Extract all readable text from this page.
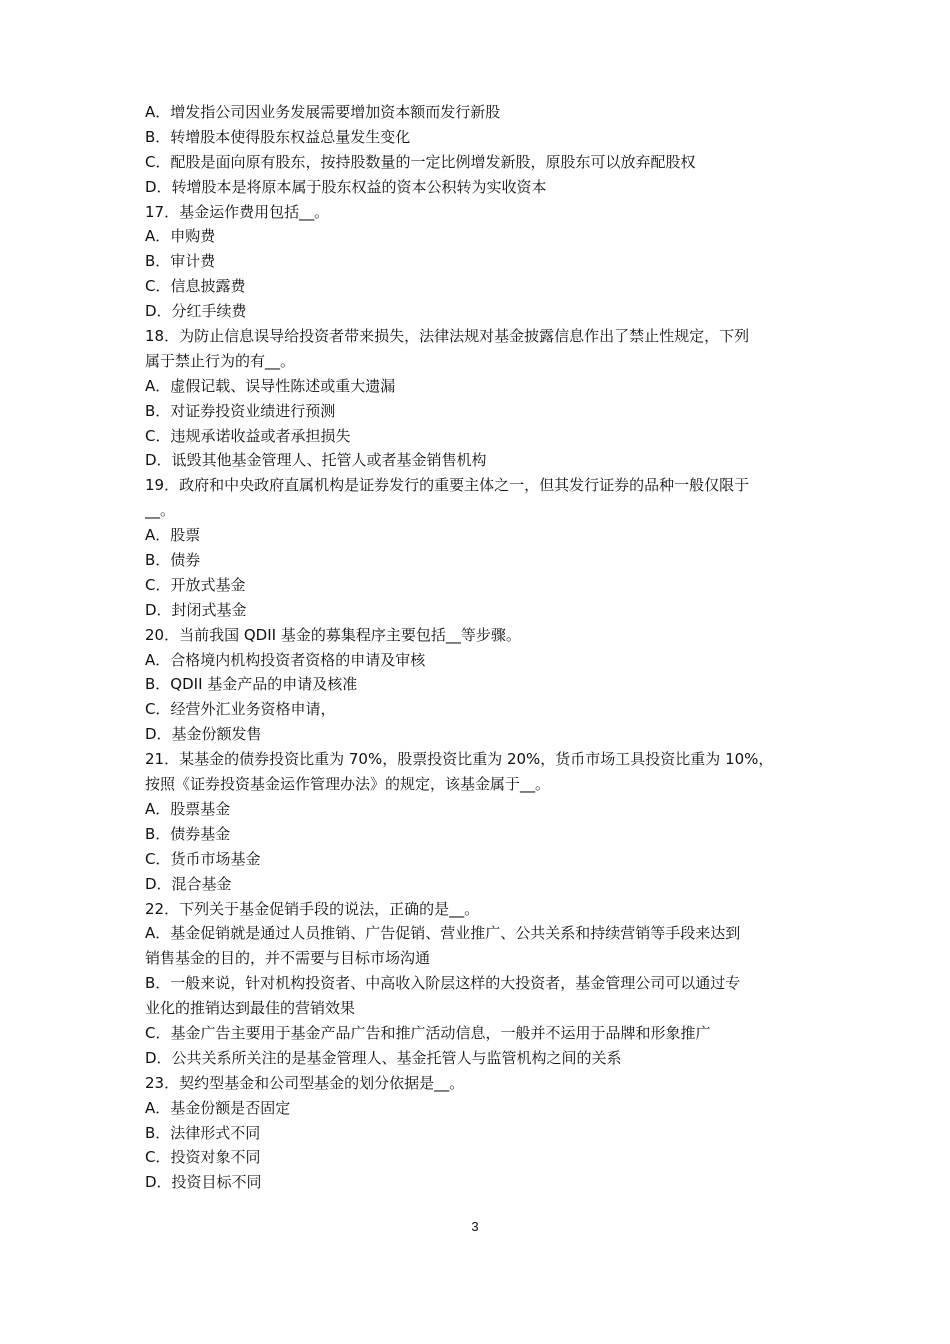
A．增发指公司因业务发展需要增加资本额而发行新股
B．转增股本使得股东权益总量发生变化
C．配股是面向原有股东，按持股数量的一定比例增发新股，原股东可以放弃配股权
D．转增股本是将原本属于股东权益的资本公积转为实收资本
17．基金运作费用包括__。
A．申购费
B．审计费
C．信息披露费
D．分红手续费
18．为防止信息误导给投资者带来损失，法律法规对基金披露信息作出了禁止性规定，下列
属于禁止行为的有__。
A．虚假记载、误导性陈述或重大遗漏
B．对证券投资业绩进行预测
C．违规承诺收益或者承担损失
D．诋毁其他基金管理人、托管人或者基金销售机构
19．政府和中央政府直属机构是证券发行的重要主体之一，但其发行证券的品种一般仅限于
__。
A．股票
B．债券
C．开放式基金
D．封闭式基金
20．当前我国 QDII 基金的募集程序主要包括__等步骤。
A．合格境内机构投资者资格的申请及审核
B．QDII 基金产品的申请及核准
C．经营外汇业务资格申请，
D．基金份额发售
21．某基金的债券投资比重为 70%，股票投资比重为 20%，货币市场工具投资比重为 10%，
按照《证券投资基金运作管理办法》的规定，该基金属于__。
A．股票基金
B．债券基金
C．货币市场基金
D．混合基金
22．下列关于基金促销手段的说法，正确的是__。
A．基金促销就是通过人员推销、广告促销、营业推广、公共关系和持续营销等手段来达到
销售基金的目的，并不需要与目标市场沟通
B．一般来说，针对机构投资者、中高收入阶层这样的大投资者，基金管理公司可以通过专
业化的推销达到最佳的营销效果
C．基金广告主要用于基金产品广告和推广活动信息，一般并不运用于品牌和形象推广
D．公共关系所关注的是基金管理人、基金托管人与监管机构之间的关系
23．契约型基金和公司型基金的划分依据是__。
A．基金份额是否固定
B．法律形式不同
C．投资对象不同
D．投资目标不同
3
